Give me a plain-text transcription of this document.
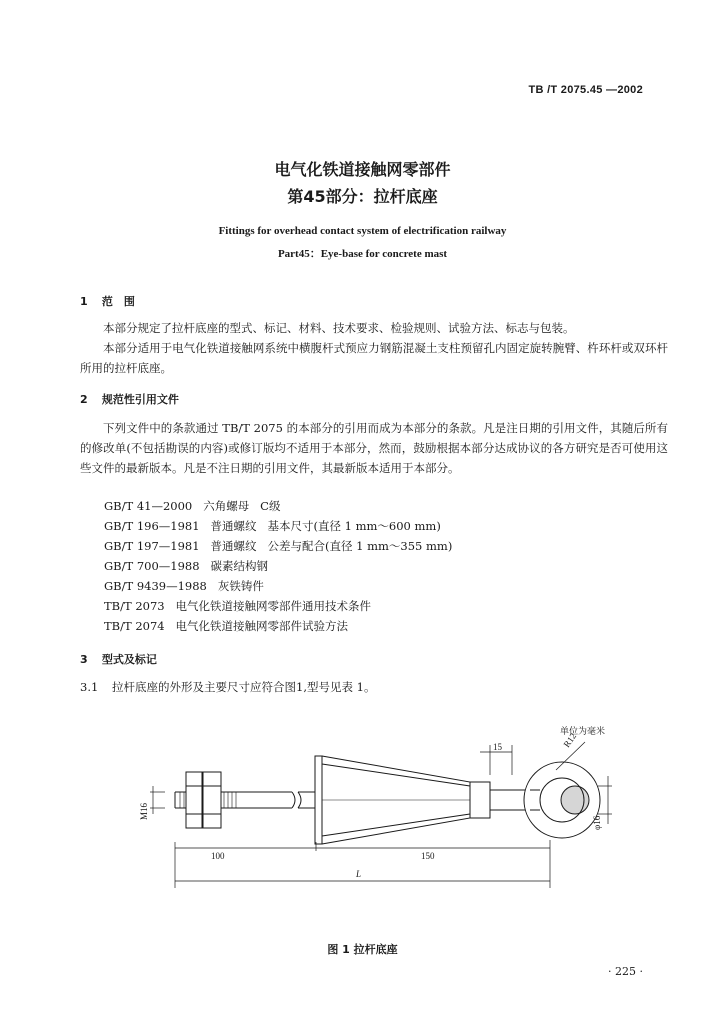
TB /T 2075.45 —2002
电气化铁道接触网零部件
第45部分：拉杆底座
Fittings for overhead contact system of electrification railway
Part45：Eye-base for concrete mast
1 范　围
本部分规定了拉杆底座的型式、标记、材料、技术要求、检验规则、试验方法、标志与包装。
本部分适用于电气化铁道接触网系统中横腹杆式预应力钢筋混凝土支柱预留孔内固定旋转腕臂、杵环杆或双环杆所用的拉杆底座。
2 规范性引用文件
下列文件中的条款通过 TB/T 2075 的本部分的引用而成为本部分的条款。凡是注日期的引用文件，其随后所有的修改单(不包括勘误的内容)或修订版均不适用于本部分，然而，鼓励根据本部分达成协议的各方研究是否可使用这些文件的最新版本。凡是不注日期的引用文件，其最新版本适用于本部分。
GB/T 41—2000   六角螺母   C级
GB/T 196—1981   普通螺纹   基本尺寸(直径 1 mm～600 mm)
GB/T 197—1981   普通螺纹   公差与配合(直径 1 mm～355 mm)
GB/T 700—1988   碳素结构钢
GB/T 9439—1988   灰铁铸件
TB/T 2073   电气化铁道接触网零部件通用技术条件
TB/T 2074   电气化铁道接触网零部件试验方法
3 型式及标记
3.1 拉杆底座的外形及主要尺寸应符合图1,型号见表 1。
单位为毫米
15	R12
φ16
M16
100	150
L
图 1 拉杆底座
· 225 ·
